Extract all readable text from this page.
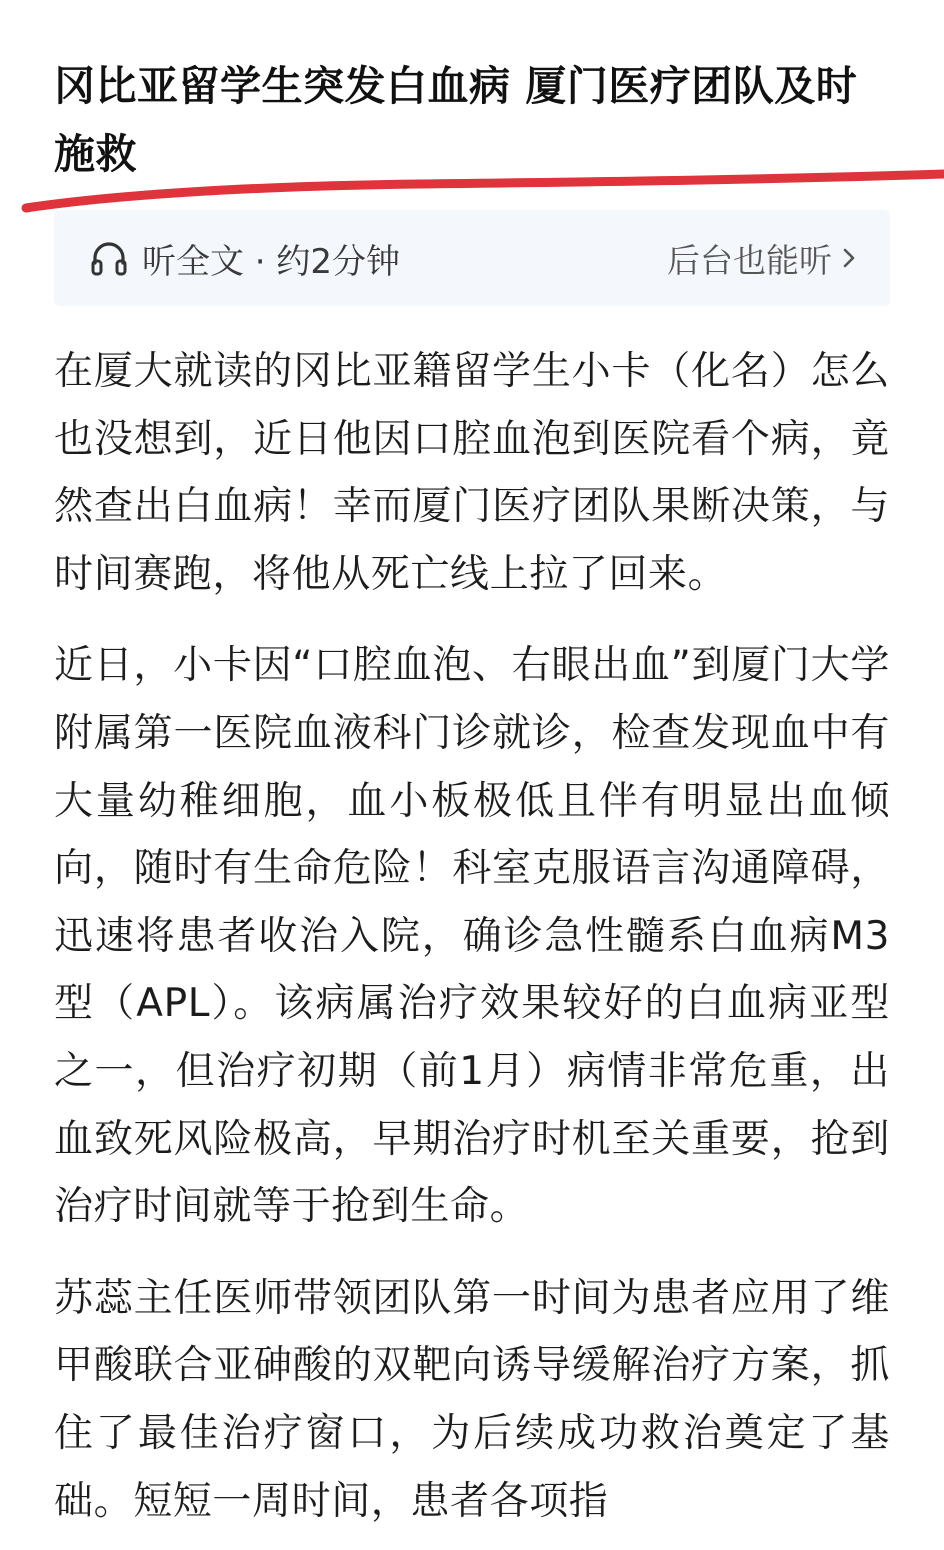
冈比亚留学生突发白血病 厦门医疗团队及时施救
听全文 · 约2分钟	后台也能听

在厦大就读的冈比亚籍留学生小卡（化名）怎么也没想到，近日他因口腔血泡到医院看个病，竟然查出白血病！幸而厦门医疗团队果断决策，与时间赛跑，将他从死亡线上拉了回来。

近日，小卡因“口腔血泡、右眼出血”到厦门大学附属第一医院血液科门诊就诊，检查发现血中有大量幼稚细胞，血小板极低且伴有明显出血倾向，随时有生命危险！科室克服语言沟通障碍，迅速将患者收治入院，确诊急性髓系白血病M3型（APL）。该病属治疗效果较好的白血病亚型之一，但治疗初期（前1月）病情非常危重，出血致死风险极高，早期治疗时机至关重要，抢到治疗时间就等于抢到生命。

苏蕊主任医师带领团队第一时间为患者应用了维甲酸联合亚砷酸的双靶向诱导缓解治疗方案，抓住了最佳治疗窗口，为后续成功救治奠定了基础。短短一周时间，患者各项指
